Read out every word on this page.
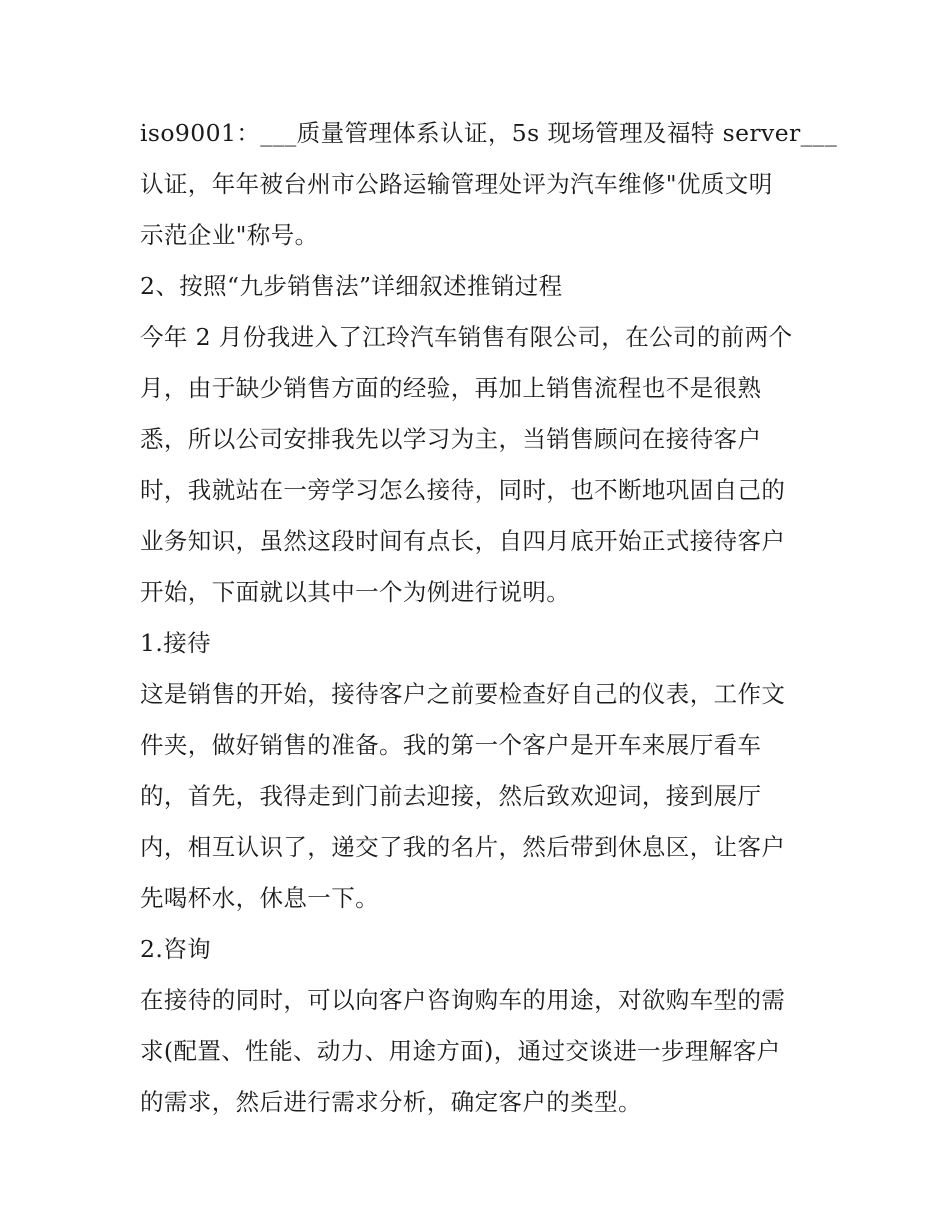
iso9001：___质量管理体系认证，5s 现场管理及福特 server___
认证，年年被台州市公路运输管理处评为汽车维修"优质文明
示范企业"称号。
2、按照“九步销售法”详细叙述推销过程
今年 2 月份我进入了江玲汽车销售有限公司，在公司的前两个
月，由于缺少销售方面的经验，再加上销售流程也不是很熟
悉，所以公司安排我先以学习为主，当销售顾问在接待客户
时，我就站在一旁学习怎么接待，同时，也不断地巩固自己的
业务知识，虽然这段时间有点长，自四月底开始正式接待客户
开始，下面就以其中一个为例进行说明。
1.接待
这是销售的开始，接待客户之前要检查好自己的仪表，工作文
件夹，做好销售的准备。我的第一个客户是开车来展厅看车
的，首先，我得走到门前去迎接，然后致欢迎词，接到展厅
内，相互认识了，递交了我的名片，然后带到休息区，让客户
先喝杯水，休息一下。
2.咨询
在接待的同时，可以向客户咨询购车的用途，对欲购车型的需
求(配置、性能、动力、用途方面)，通过交谈进一步理解客户
的需求，然后进行需求分析，确定客户的类型。
